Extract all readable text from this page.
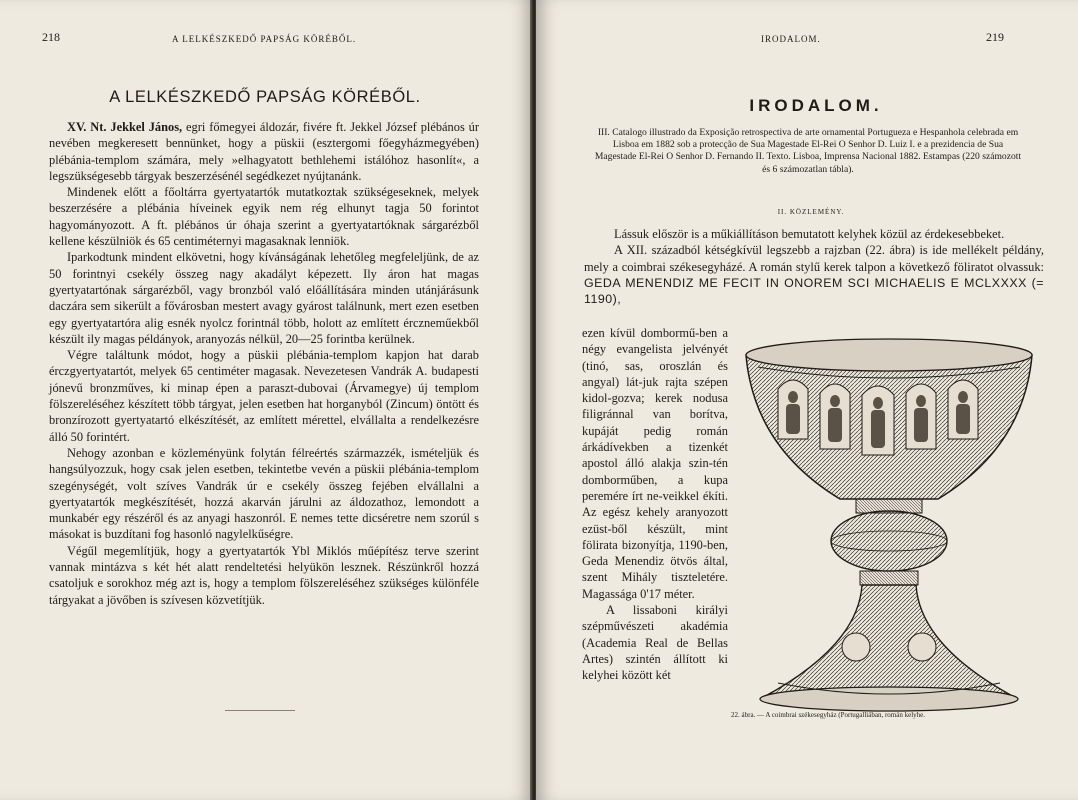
218	A LELKÉSZKEDŐ PAPSÁG KÖRÉBŐL.
A LELKÉSZKEDŐ PAPSÁG KÖRÉBŐL.

XV. Nt. Jekkel János, egri főmegyei áldozár, fivére ft. Jekkel József plébános úr nevében megkeresett bennünket, hogy a püskii (esztergomi főegyházmegyében) plébánia-templom számára, mely »elhagyatott bethlehemi istálóhoz hasonlít«, a legszükségesebb tárgyak beszerzésénél segédkezet nyújtanánk.

Mindenek előtt a főoltárra gyertyatartók mutatkoztak szükségeseknek, melyek beszerzésére a plébánia híveinek egyik nem rég elhunyt tagja 50 forintot hagyományozott. A ft. plébános úr óhaja szerint a gyertyatartóknak sárgarézből kellene készülniök és 65 centiméternyi magasaknak lenniök.

Iparkodtunk mindent elkövetni, hogy kívánságának lehetőleg megfeleljünk, de az 50 forintnyi csekély összeg nagy akadályt képezett. Ily áron hat magas gyertyatartónak sárgarézből, vagy bronzból való előállítására minden utánjárásunk daczára sem sikerült a fővárosban mestert avagy gyárost találnunk, mert ezen esetben egy gyertyatartóra alig esnék nyolcz forintnál több, holott az említett érczneműekből készült ily magas példányok, aranyozás nélkül, 20—25 forintba kerülnek.

Végre találtunk módot, hogy a püskii plébánia-templom kapjon hat darab érczgyertyatartót, melyek 65 centiméter magasak. Nevezetesen Vandrák A. budapesti jónevű bronzműves, ki minap épen a paraszt-dubovai (Árvamegye) új templom fölszereléséhez készített több tárgyat, jelen esetben hat horganyból (Zincum) öntött és bronzírozott gyertyatartó elkészítését, az említett mérettel, elvállalta a rendelkezésre álló 50 forintért.

Nehogy azonban e közleményünk folytán félreértés származzék, ismételjük és hangsúlyozzuk, hogy csak jelen esetben, tekintetbe vevén a püskii plébánia-templom szegénységét, volt szíves Vandrák úr e csekély összeg fejében elvállalni a gyertyatartók megkészítését, hozzá akarván járulni az áldozathoz, lemondott a munkabér egy részéről és az anyagi haszonról. E nemes tette dicséretre nem szorúl s másokat is buzdítani fog hasonló nagylelkűségre.

Végűl megemlítjük, hogy a gyertyatartók Ybl Miklós műépítész terve szerint vannak mintázva s két hét alatt rendeltetési helyükön lesznek. Részünkről hozzá csatoljuk e sorokhoz még azt is, hogy a templom fölszereléséhez szükséges különféle tárgyakat a jövőben is szívesen közvetítjük.

IRODALOM.	219
IRODALOM.
III. Catalogo illustrado da Exposição retrospectiva de arte ornamental Portugueza e Hespanhola celebrada em Lisboa em 1882 sob a protecção de Sua Magestade El-Rei O Senhor D. Luiz I. e a prezidencia de Sua Magestade El-Rei O Senhor D. Fernando II. Texto. Lisboa, Imprensa Nacional 1882. Estampas (220 számozott és 6 számozatlan tábla).
II. KÖZLEMÉNY.

Lássuk először is a műkiállításon bemutatott kelyhek közül az érdekesebbeket.

A XII. századból kétségkívül legszebb a rajzban (22. ábra) is ide mellékelt példány, mely a coimbrai székesegyházé. A román stylű kerek talpon a következő föliratot olvassuk: GEDA MENENDIZ ME FECIT IN ONOREM SCI MICHAELIS E MCLXXXX (= 1190),

ezen kívül dombormű-ben a négy evangelista jelvényét (tinó, sas, oroszlán és angyal) lát-juk rajta szépen kidol-gozva; kerek nodusa filigránnal van borítva, kupáját pedig román árkádívekben a tizenkét apostol álló alakja szin-tén domborműben, a kupa peremére írt ne-veikkel ékíti. Az egész kehely aranyozott ezüst-ből készült, mint fölirata bizonyítja, 1190-ben, Geda Menendiz ötvös által, szent Mihály tiszteletére. Magassága 0'17 méter.

A lissaboni királyi szépművészeti akadémia (Academia Real de Bellas Artes) szintén állított ki kelyhei között két

22. ábra. — A coimbrai székesegyház (Portugalliában, román kelyhe.
